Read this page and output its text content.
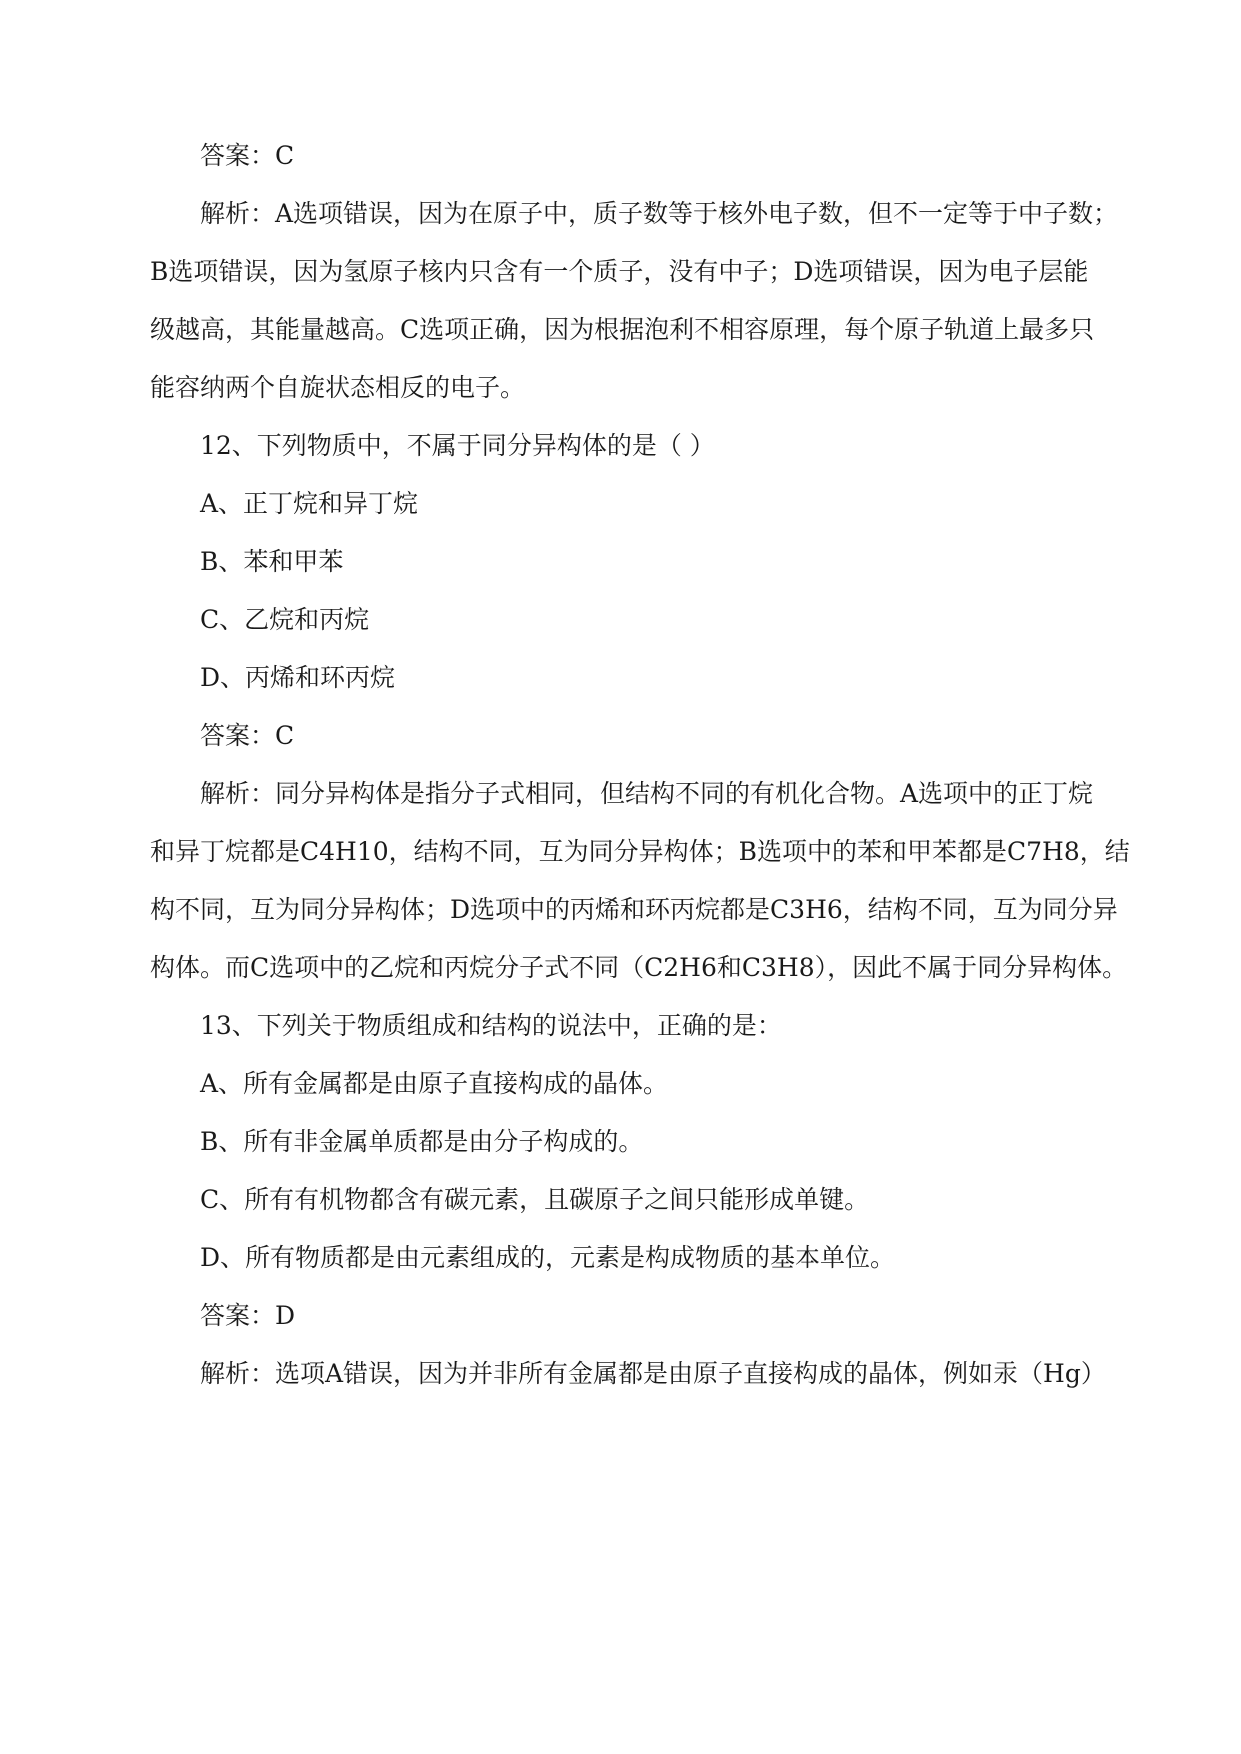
答案：C

解析：A选项错误，因为在原子中，质子数等于核外电子数，但不一定等于中子数；

B选项错误，因为氢原子核内只含有一个质子，没有中子；D选项错误，因为电子层能

级越高，其能量越高。C选项正确，因为根据泡利不相容原理，每个原子轨道上最多只

能容纳两个自旋状态相反的电子。

12、下列物质中，不属于同分异构体的是（ ）

A、正丁烷和异丁烷

B、苯和甲苯

C、乙烷和丙烷

D、丙烯和环丙烷

答案：C

解析：同分异构体是指分子式相同，但结构不同的有机化合物。A选项中的正丁烷

和异丁烷都是C4H10，结构不同，互为同分异构体；B选项中的苯和甲苯都是C7H8，结

构不同，互为同分异构体；D选项中的丙烯和环丙烷都是C3H6，结构不同，互为同分异

构体。而C选项中的乙烷和丙烷分子式不同（C2H6和C3H8），因此不属于同分异构体。

13、下列关于物质组成和结构的说法中，正确的是：

A、所有金属都是由原子直接构成的晶体。

B、所有非金属单质都是由分子构成的。

C、所有有机物都含有碳元素，且碳原子之间只能形成单键。

D、所有物质都是由元素组成的，元素是构成物质的基本单位。

答案：D

解析：选项A错误，因为并非所有金属都是由原子直接构成的晶体，例如汞（Hg）
